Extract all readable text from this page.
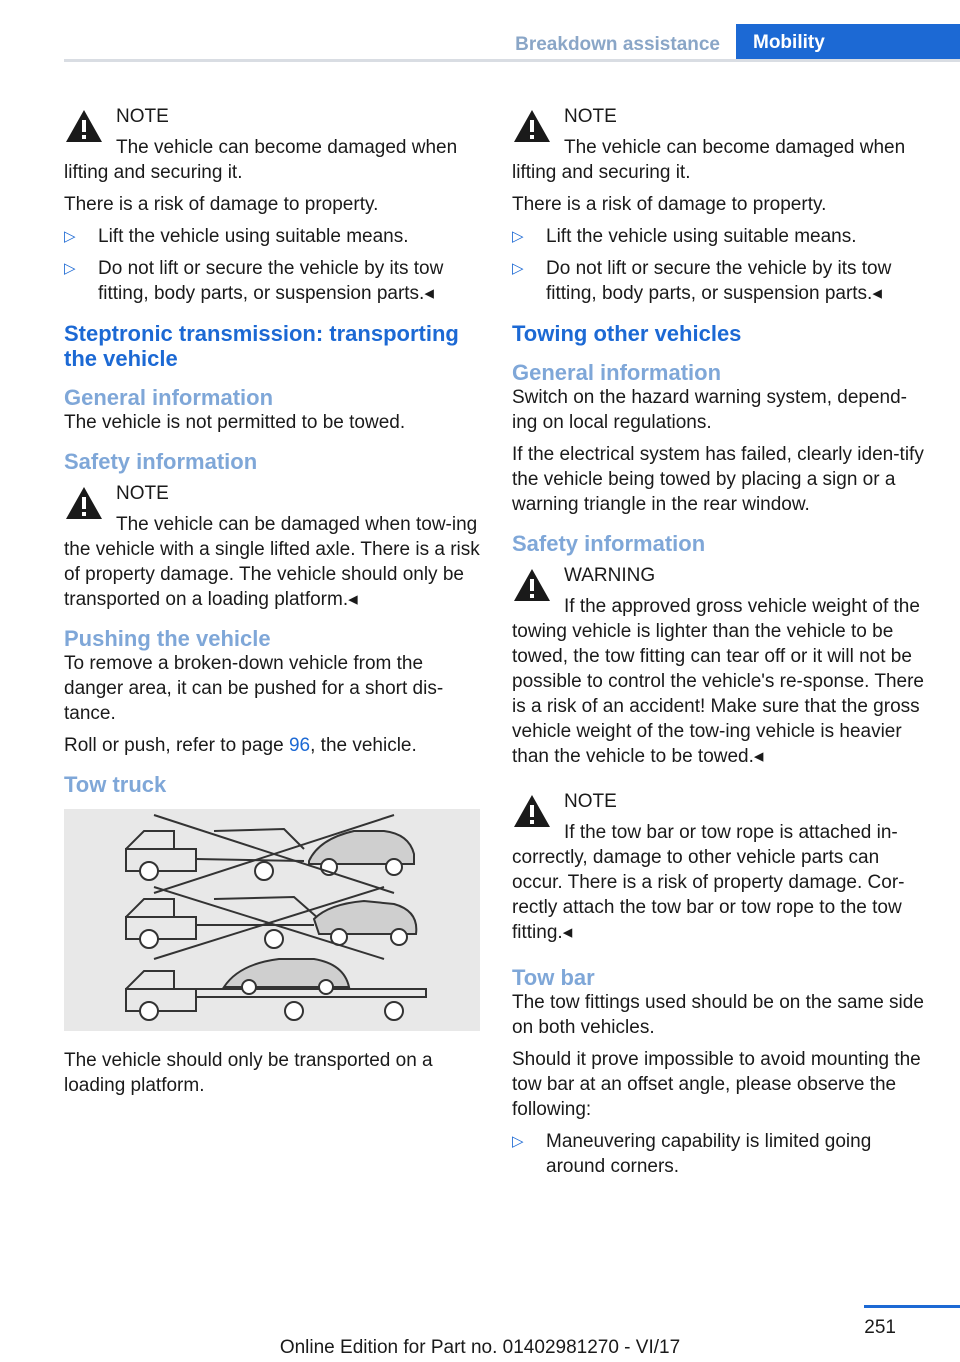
Breakdown assistance	Mobility
NOTE
The vehicle can become damaged when lifting and securing it.

There is a risk of damage to property.

▷ Lift the vehicle using suitable means.
▷ Do not lift or secure the vehicle by its tow fitting, body parts, or suspension parts.◂
Steptronic transmission: transporting the vehicle
General information

The vehicle is not permitted to be towed.

Safety information
NOTE
The vehicle can be damaged when tow‐ing the vehicle with a single lifted axle. There is a risk of property damage. The vehicle should only be transported on a loading platform.◂
Pushing the vehicle

To remove a broken-down vehicle from the danger area, it can be pushed for a short dis‐tance.

Roll or push, refer to page 96, the vehicle.

Tow truck

The vehicle should only be transported on a loading platform.

NOTE
The vehicle can become damaged when lifting and securing it.

There is a risk of damage to property.

▷ Lift the vehicle using suitable means.
▷ Do not lift or secure the vehicle by its tow fitting, body parts, or suspension parts.◂
Towing other vehicles
General information

Switch on the hazard warning system, depend‐ing on local regulations.

If the electrical system has failed, clearly iden‐tify the vehicle being towed by placing a sign or a warning triangle in the rear window.

Safety information
WARNING
If the approved gross vehicle weight of the towing vehicle is lighter than the vehicle to be towed, the tow fitting can tear off or it will not be possible to control the vehicle's re‐sponse. There is a risk of an accident! Make sure that the gross vehicle weight of the tow‐ing vehicle is heavier than the vehicle to be towed.◂
NOTE
If the tow bar or tow rope is attached in‐correctly, damage to other vehicle parts can occur. There is a risk of property damage. Cor‐rectly attach the tow bar or tow rope to the tow fitting.◂
Tow bar

The tow fittings used should be on the same side on both vehicles.

Should it prove impossible to avoid mounting the tow bar at an offset angle, please observe the following:

▷ Maneuvering capability is limited going around corners.
251
Online Edition for Part no. 01402981270 - VI/17
